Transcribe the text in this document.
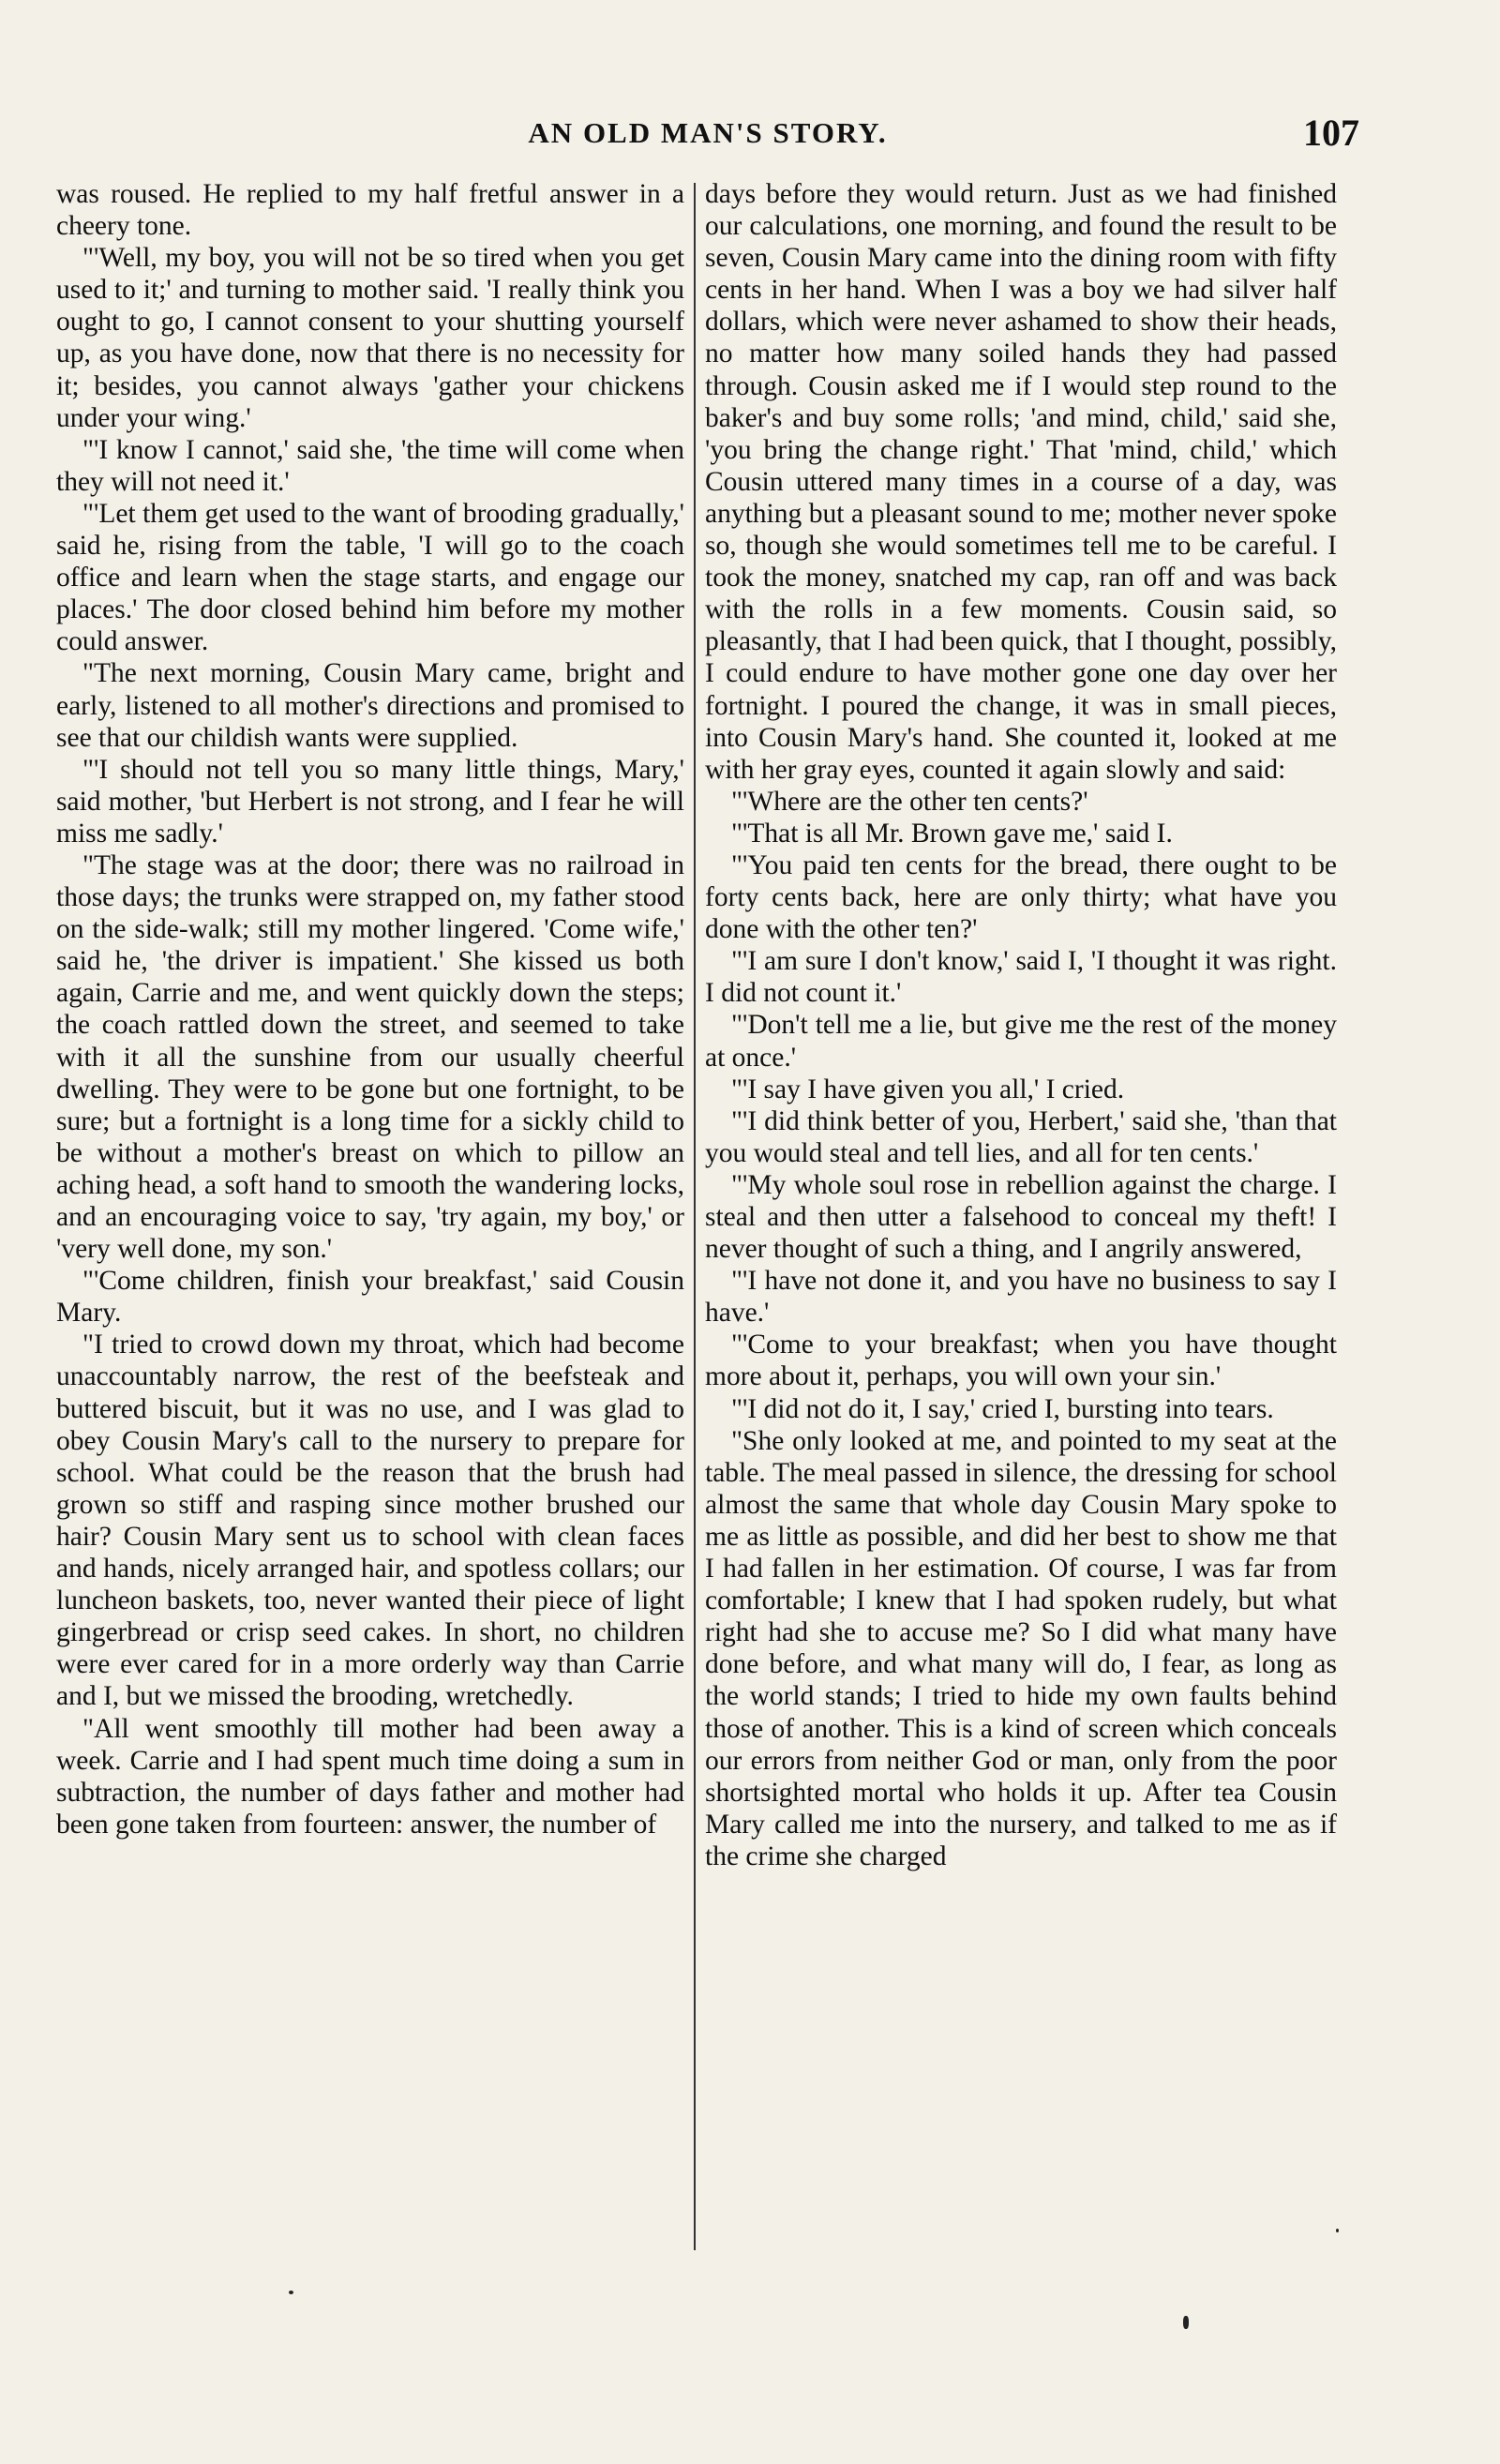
AN OLD MAN'S STORY.	107

was roused. He replied to my half fretful answer in a cheery tone.

"'Well, my boy, you will not be so tired when you get used to it;' and turning to mother said. 'I really think you ought to go, I cannot consent to your shutting yourself up, as you have done, now that there is no necessity for it; besides, you cannot always 'gather your chickens under your wing.'

"'I know I cannot,' said she, 'the time will come when they will not need it.'

"'Let them get used to the want of brooding gradually,' said he, rising from the table, 'I will go to the coach office and learn when the stage starts, and engage our places.' The door closed behind him before my mother could answer.

"The next morning, Cousin Mary came, bright and early, listened to all mother's directions and promised to see that our childish wants were supplied.

"'I should not tell you so many little things, Mary,' said mother, 'but Herbert is not strong, and I fear he will miss me sadly.'

"The stage was at the door; there was no railroad in those days; the trunks were strapped on, my father stood on the side-walk; still my mother lingered. 'Come wife,' said he, 'the driver is impatient.' She kissed us both again, Carrie and me, and went quickly down the steps; the coach rattled down the street, and seemed to take with it all the sunshine from our usually cheerful dwelling. They were to be gone but one fortnight, to be sure; but a fortnight is a long time for a sickly child to be without a mother's breast on which to pillow an aching head, a soft hand to smooth the wandering locks, and an encouraging voice to say, 'try again, my boy,' or 'very well done, my son.'

"'Come children, finish your breakfast,' said Cousin Mary.

"I tried to crowd down my throat, which had become unaccountably narrow, the rest of the beefsteak and buttered biscuit, but it was no use, and I was glad to obey Cousin Mary's call to the nursery to prepare for school. What could be the reason that the brush had grown so stiff and rasping since mother brushed our hair? Cousin Mary sent us to school with clean faces and hands, nicely arranged hair, and spotless collars; our luncheon baskets, too, never wanted their piece of light gingerbread or crisp seed cakes. In short, no children were ever cared for in a more orderly way than Carrie and I, but we missed the brooding, wretchedly.

"All went smoothly till mother had been away a week. Carrie and I had spent much time doing a sum in subtraction, the number of days father and mother had been gone taken from fourteen: answer, the number of

days before they would return. Just as we had finished our calculations, one morning, and found the result to be seven, Cousin Mary came into the dining room with fifty cents in her hand. When I was a boy we had silver half dollars, which were never ashamed to show their heads, no matter how many soiled hands they had passed through. Cousin asked me if I would step round to the baker's and buy some rolls; 'and mind, child,' said she, 'you bring the change right.' That 'mind, child,' which Cousin uttered many times in a course of a day, was anything but a pleasant sound to me; mother never spoke so, though she would sometimes tell me to be careful. I took the money, snatched my cap, ran off and was back with the rolls in a few moments. Cousin said, so pleasantly, that I had been quick, that I thought, possibly, I could endure to have mother gone one day over her fortnight. I poured the change, it was in small pieces, into Cousin Mary's hand. She counted it, looked at me with her gray eyes, counted it again slowly and said:

"'Where are the other ten cents?'

"'That is all Mr. Brown gave me,' said I.

"'You paid ten cents for the bread, there ought to be forty cents back, here are only thirty; what have you done with the other ten?'

"'I am sure I don't know,' said I, 'I thought it was right. I did not count it.'

"'Don't tell me a lie, but give me the rest of the money at once.'

"'I say I have given you all,' I cried.

"'I did think better of you, Herbert,' said she, 'than that you would steal and tell lies, and all for ten cents.'

"'My whole soul rose in rebellion against the charge. I steal and then utter a falsehood to conceal my theft! I never thought of such a thing, and I angrily answered,

"'I have not done it, and you have no business to say I have.'

"'Come to your breakfast; when you have thought more about it, perhaps, you will own your sin.'

"'I did not do it, I say,' cried I, bursting into tears.

"She only looked at me, and pointed to my seat at the table. The meal passed in silence, the dressing for school almost the same that whole day Cousin Mary spoke to me as little as possible, and did her best to show me that I had fallen in her estimation. Of course, I was far from comfortable; I knew that I had spoken rudely, but what right had she to accuse me? So I did what many have done before, and what many will do, I fear, as long as the world stands; I tried to hide my own faults behind those of another. This is a kind of screen which conceals our errors from neither God or man, only from the poor shortsighted mortal who holds it up. After tea Cousin Mary called me into the nursery, and talked to me as if the crime she charged
